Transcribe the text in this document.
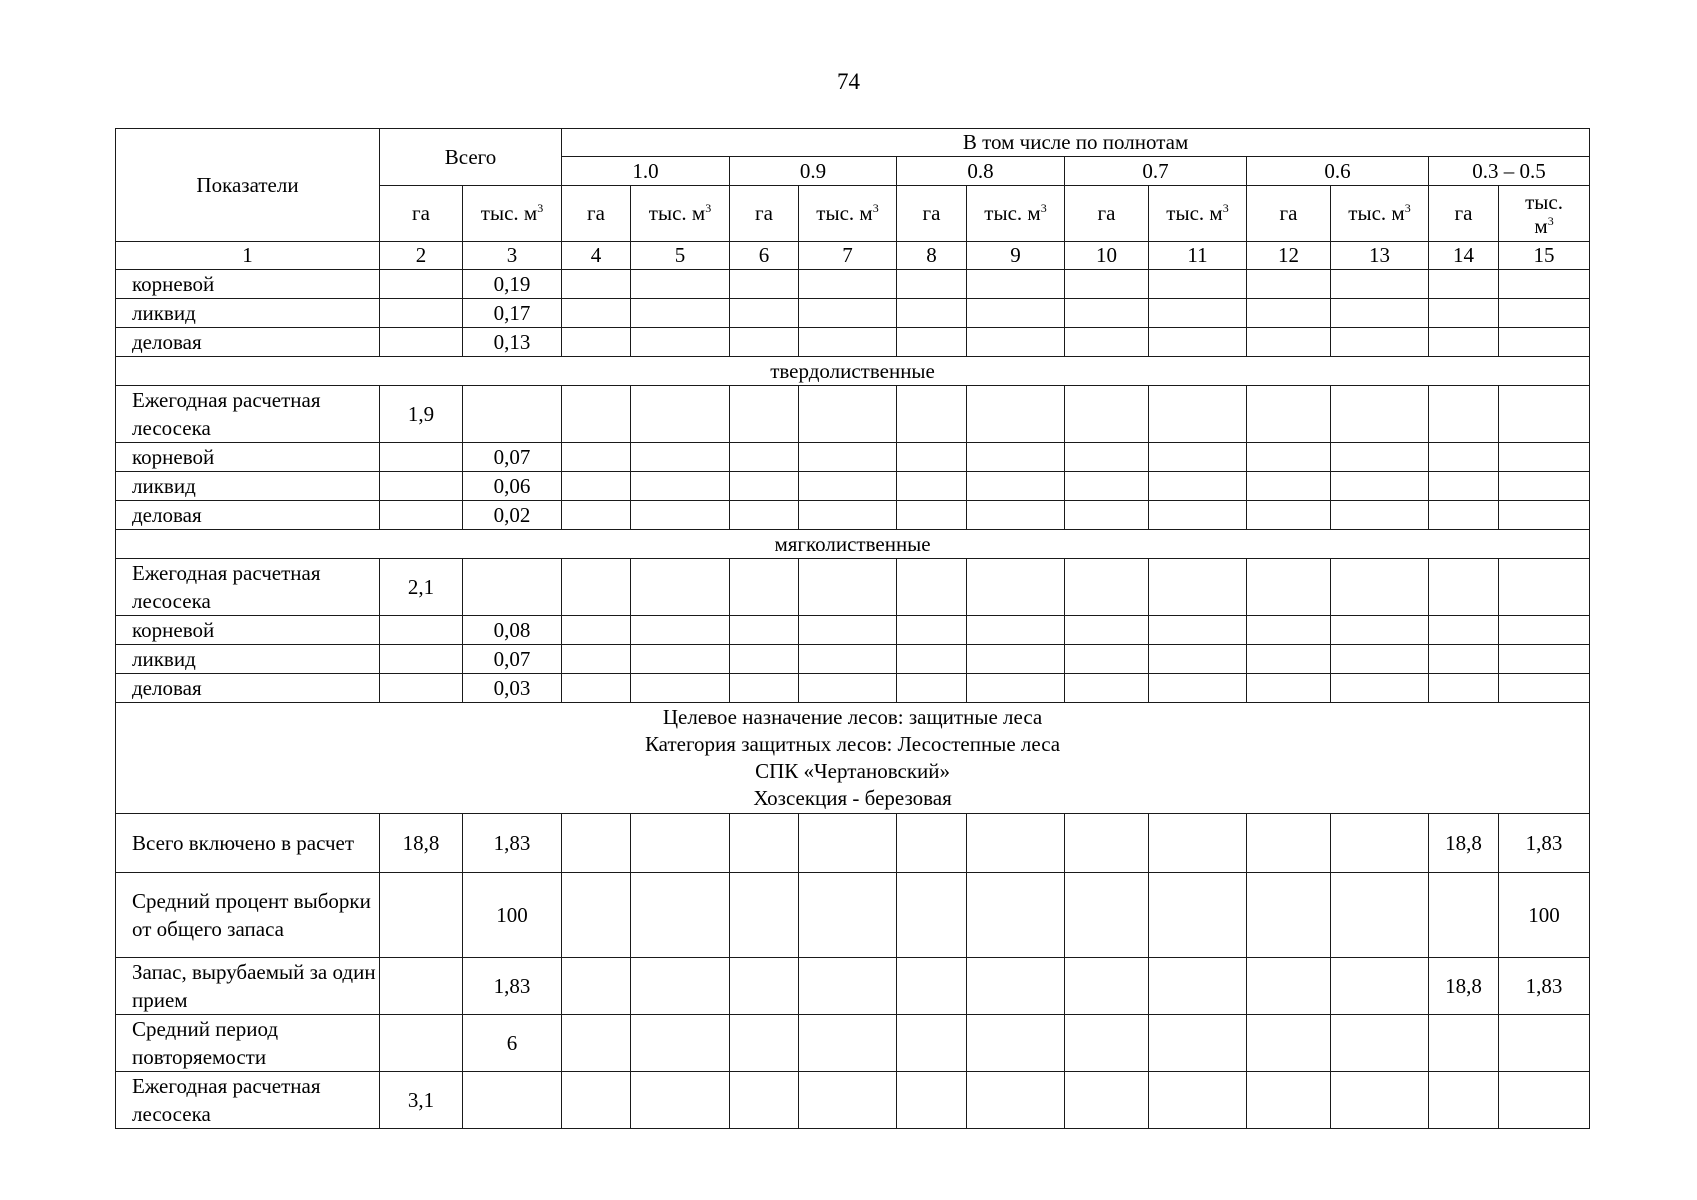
74
Показатели	Всего		В том числе по полнотам											
			1.0		0.9		0.8		0.7		0.6		0.3 – 0.5	
	га	тыс. $м^3$	га	тыс. $м^3$	га	тыс. $м^3$	га	тыс. $м^3$	га	тыс. $м^3$	га	тыс. $м^3$	га	тыс.
$м^3$

1	2	3	4	5	6	7	8	9	10	11	12	13	14	15
корневой		0,19												
ликвид		0,17												
деловая		0,13												
твердолиственные														
Ежегодная расчетная лесосека	1,9													
корневой		0,07												
ликвид		0,06												
деловая		0,02												
мягколиственные														
Ежегодная расчетная лесосека	2,1													
корневой		0,08												
ликвид		0,07												
деловая		0,03												

Целевое назначение лесов: защитные леса
Категория защитных лесов: Лесостепные леса
СПК «Чертановский»
Хозсекция - березовая														

Всего включено в расчет	18,8	1,83											18,8	1,83
Средний процент выборки от общего запаса		100												100
Запас, вырубаемый за один прием		1,83											18,8	1,83
Средний период повторяемости		6												
Ежегодная расчетная лесосека	3,1													
